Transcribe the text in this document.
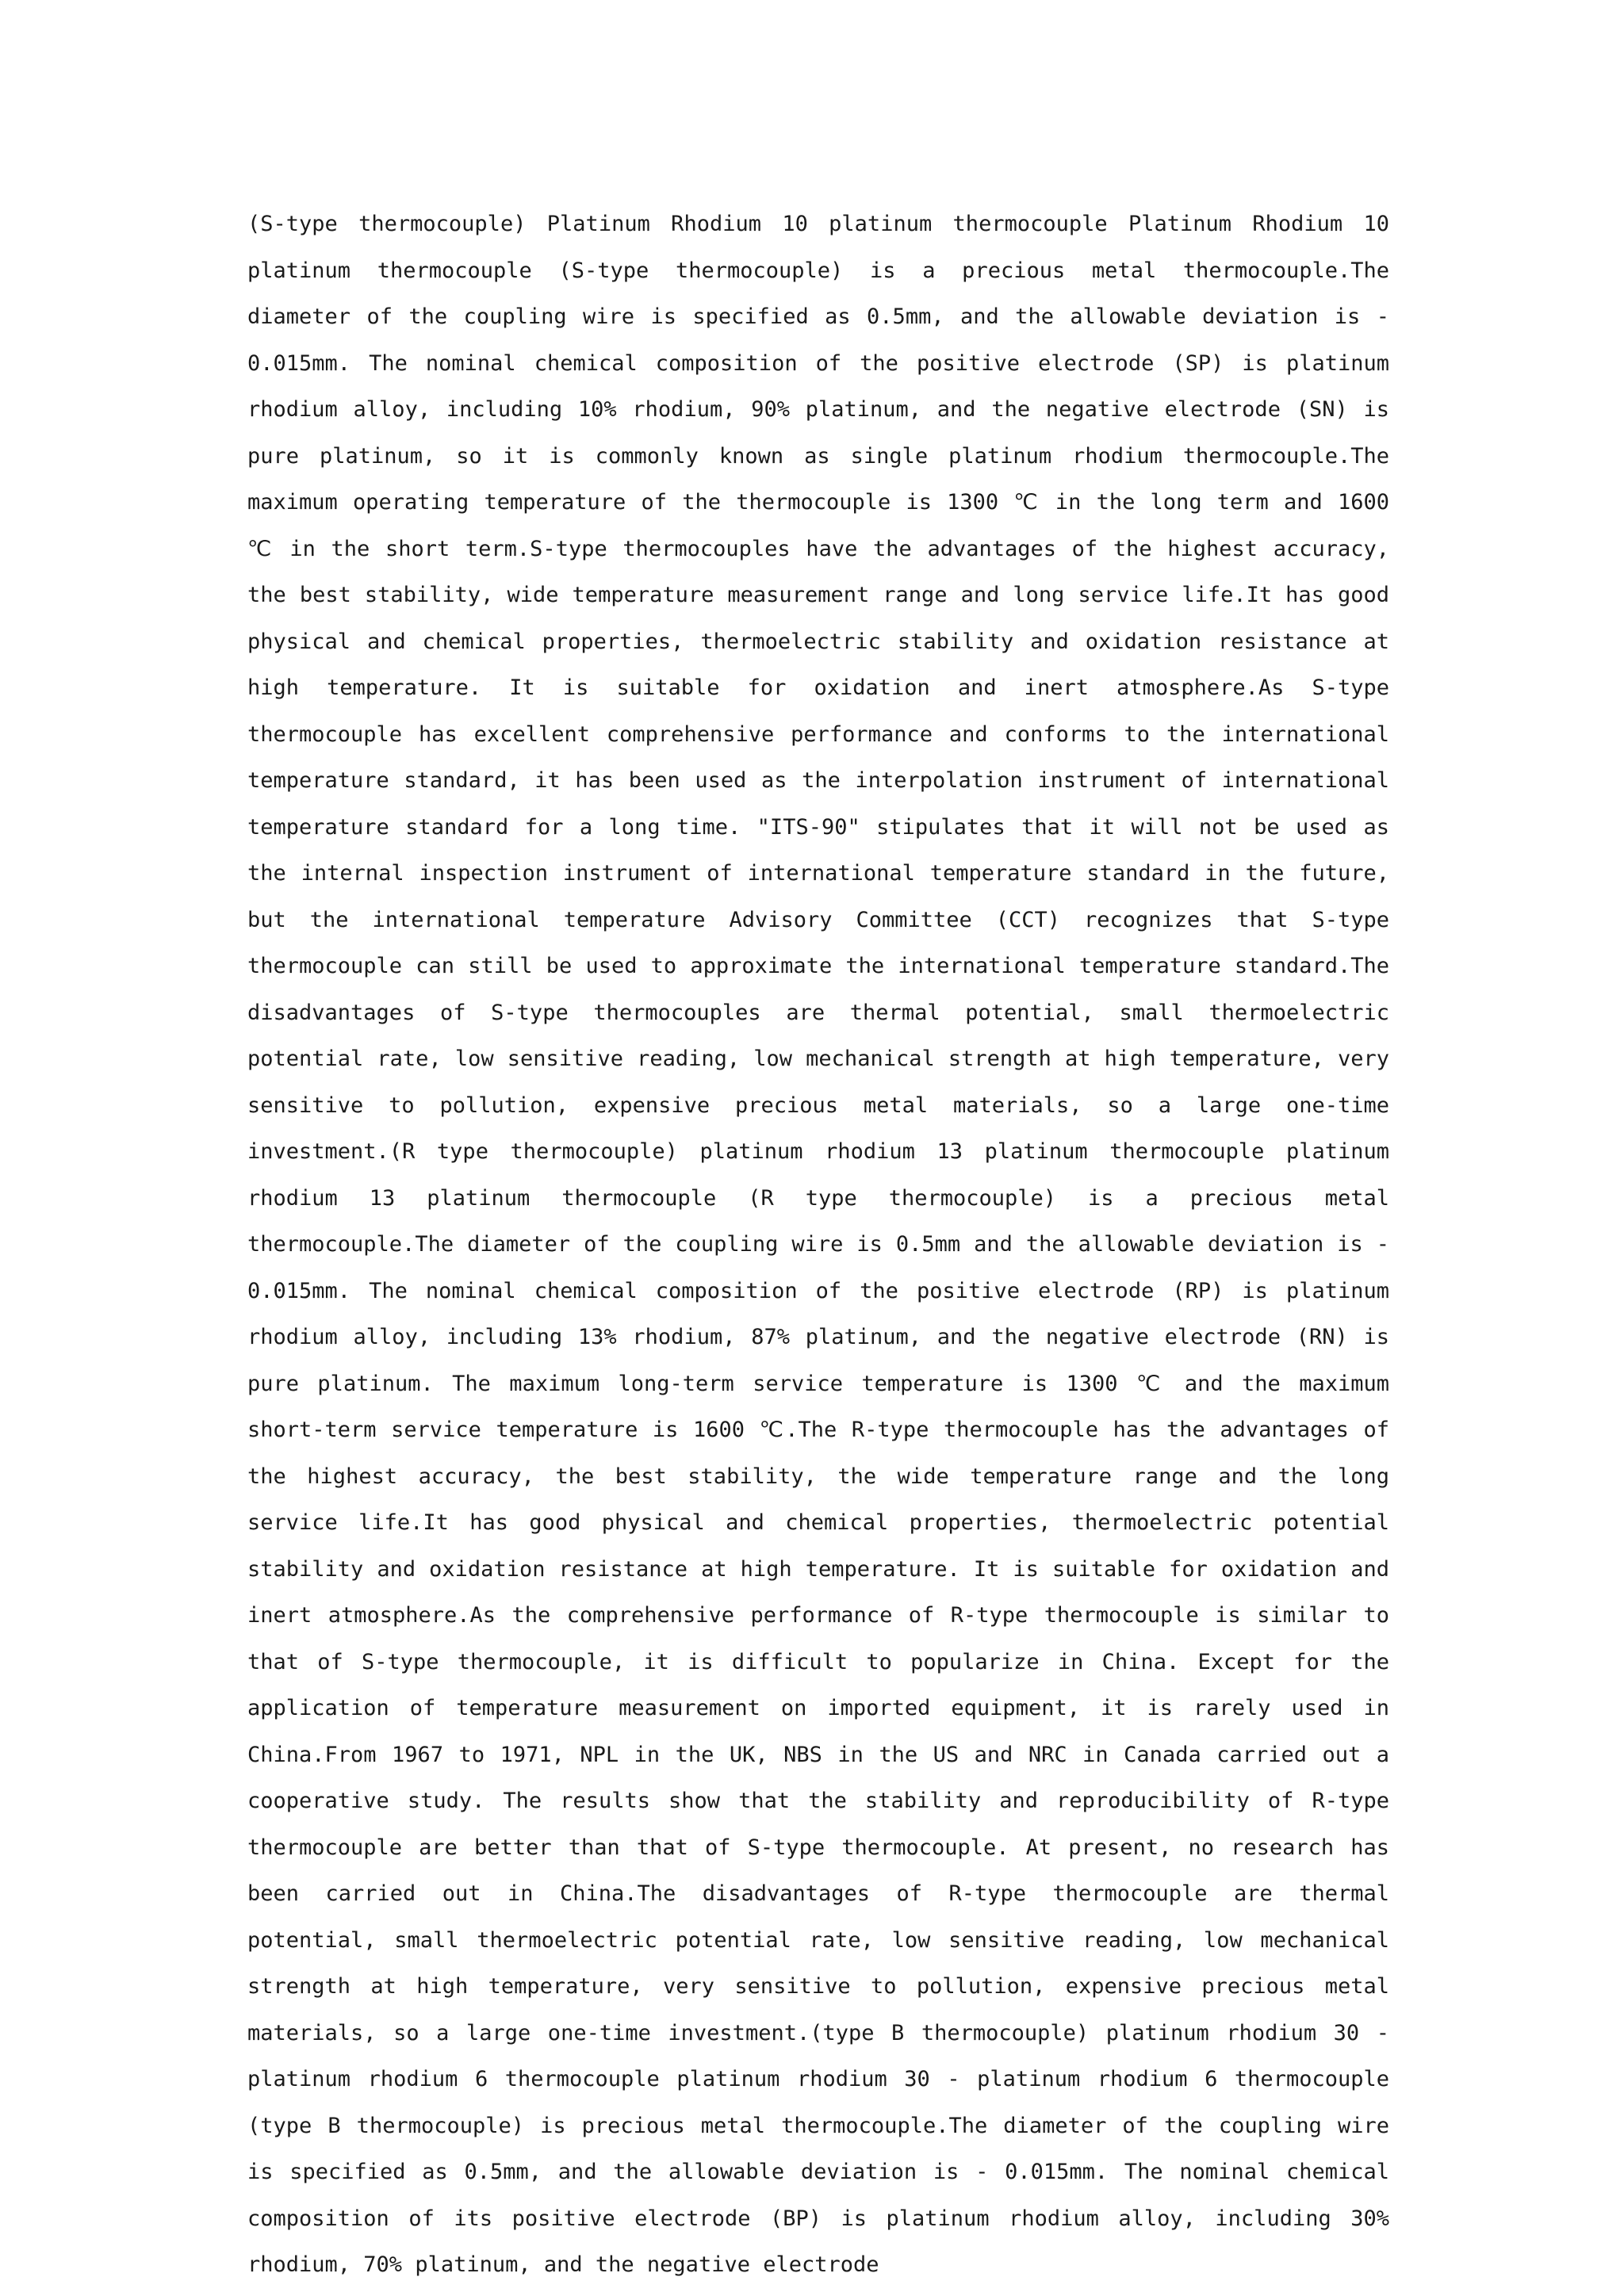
(S-type thermocouple) Platinum Rhodium 10 platinum thermocouple Platinum Rhodium 10 platinum thermocouple (S-type thermocouple) is a precious metal thermocouple.The diameter of the coupling wire is specified as 0.5mm, and the allowable deviation is - 0.015mm. The nominal chemical composition of the positive electrode (SP) is platinum rhodium alloy, including 10% rhodium, 90% platinum, and the negative electrode (SN) is pure platinum, so it is commonly known as single platinum rhodium thermocouple.The maximum operating temperature of the thermocouple is 1300 ℃ in the long term and 1600 ℃ in the short term.S-type thermocouples have the advantages of the highest accuracy, the best stability, wide temperature measurement range and long service life.It has good physical and chemical properties, thermoelectric stability and oxidation resistance at high temperature. It is suitable for oxidation and inert atmosphere.As S-type thermocouple has excellent comprehensive performance and conforms to the international temperature standard, it has been used as the interpolation instrument of international temperature standard for a long time. "ITS-90" stipulates that it will not be used as the internal inspection instrument of international temperature standard in the future, but the international temperature Advisory Committee (CCT) recognizes that S-type thermocouple can still be used to approximate the international temperature standard.The disadvantages of S-type thermocouples are thermal potential, small thermoelectric potential rate, low sensitive reading, low mechanical strength at high temperature, very sensitive to pollution, expensive precious metal materials, so a large one-time investment.(R type thermocouple) platinum rhodium 13 platinum thermocouple platinum rhodium 13 platinum thermocouple (R type thermocouple) is a precious metal thermocouple.The diameter of the coupling wire is 0.5mm and the allowable deviation is - 0.015mm. The nominal chemical composition of the positive electrode (RP) is platinum rhodium alloy, including 13% rhodium, 87% platinum, and the negative electrode (RN) is pure platinum. The maximum long-term service temperature is 1300 ℃ and the maximum short-term service temperature is 1600 ℃.The R-type thermocouple has the advantages of the highest accuracy, the best stability, the wide temperature range and the long service life.It has good physical and chemical properties, thermoelectric potential stability and oxidation resistance at high temperature. It is suitable for oxidation and inert atmosphere.As the comprehensive performance of R-type thermocouple is similar to that of S-type thermocouple, it is difficult to popularize in China. Except for the application of temperature measurement on imported equipment, it is rarely used in China.From 1967 to 1971, NPL in the UK, NBS in the US and NRC in Canada carried out a cooperative study. The results show that the stability and reproducibility of R-type thermocouple are better than that of S-type thermocouple. At present, no research has been carried out in China.The disadvantages of R-type thermocouple are thermal potential, small thermoelectric potential rate, low sensitive reading, low mechanical strength at high temperature, very sensitive to pollution, expensive precious metal materials, so a large one-time investment.(type B thermocouple) platinum rhodium 30 - platinum rhodium 6 thermocouple platinum rhodium 30 - platinum rhodium 6 thermocouple (type B thermocouple) is precious metal thermocouple.The diameter of the coupling wire is specified as 0.5mm, and the allowable deviation is - 0.015mm. The nominal chemical composition of its positive electrode (BP) is platinum rhodium alloy, including 30% rhodium, 70% platinum, and the negative electrode
